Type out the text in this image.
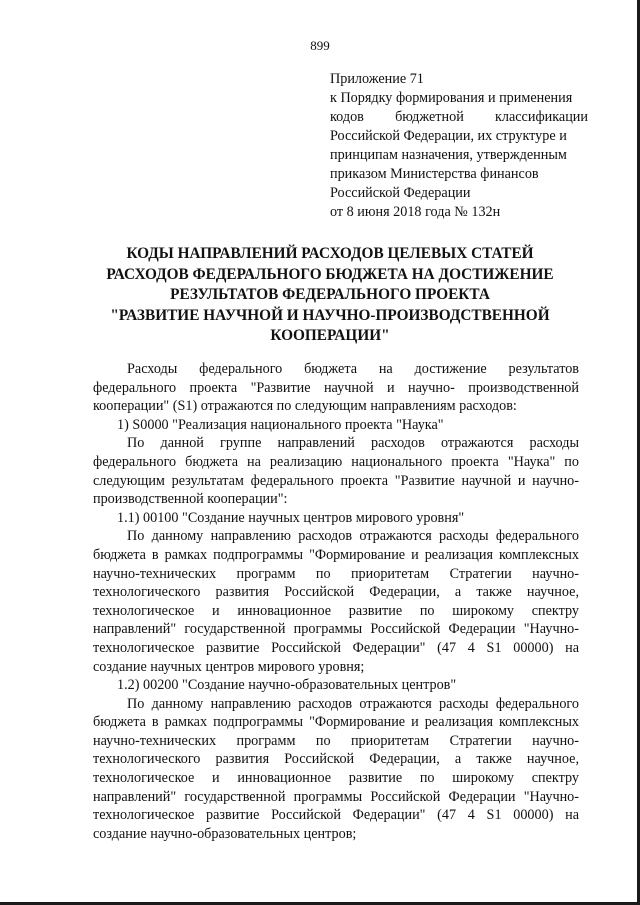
899
Приложение 71
к Порядку формирования и применения
кодов бюджетной классификации
Российской Федерации, их структуре и
принципам назначения, утвержденным
приказом Министерства финансов
Российской Федерации
от 8 июня 2018 года № 132н
КОДЫ НАПРАВЛЕНИЙ РАСХОДОВ ЦЕЛЕВЫХ СТАТЕЙ
РАСХОДОВ ФЕДЕРАЛЬНОГО БЮДЖЕТА НА ДОСТИЖЕНИЕ
РЕЗУЛЬТАТОВ ФЕДЕРАЛЬНОГО ПРОЕКТА
"РАЗВИТИЕ НАУЧНОЙ И НАУЧНО-ПРОИЗВОДСТВЕННОЙ
КООПЕРАЦИИ"
Расходы федерального бюджета на достижение результатов
федерального проекта "Развитие научной и научно- производственной
кооперации" (S1) отражаются по следующим направлениям расходов:
1) S0000 "Реализация национального проекта "Наука"
По данной группе направлений расходов отражаются расходы
федерального бюджета на реализацию национального проекта "Наука" по
следующим результатам федерального проекта "Развитие научной и научно-
производственной кооперации":
1.1) 00100 "Создание научных центров мирового уровня"
По данному направлению расходов отражаются расходы федерального
бюджета в рамках подпрограммы "Формирование и реализация комплексных
научно-технических программ по приоритетам Стратегии научно-
технологического развития Российской Федерации, а также научное,
технологическое и инновационное развитие по широкому спектру
направлений" государственной программы Российской Федерации "Научно-
технологическое развитие Российской Федерации" (47 4 S1 00000) на
создание научных центров мирового уровня;
1.2) 00200 "Создание научно-образовательных центров"
По данному направлению расходов отражаются расходы федерального
бюджета в рамках подпрограммы "Формирование и реализация комплексных
научно-технических программ по приоритетам Стратегии научно-
технологического развития Российской Федерации, а также научное,
технологическое и инновационное развитие по широкому спектру
направлений" государственной программы Российской Федерации "Научно-
технологическое развитие Российской Федерации" (47 4 S1 00000) на
создание научно-образовательных центров;
